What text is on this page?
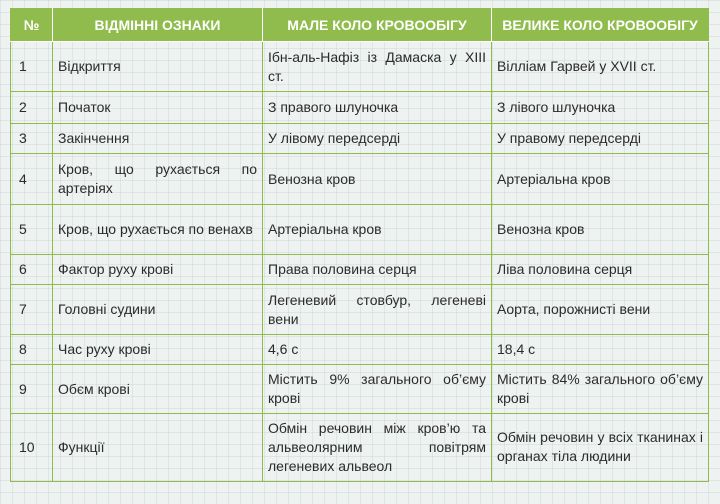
№	ВІДМІННІ ОЗНАКИ	МАЛЕ КОЛО КРОВООБІГУ	ВЕЛИКЕ КОЛО КРОВООБІГУ
1	Відкриття	Ібн-аль-Нафіз із Дамаска у XIII ст.	Вілліам Гарвей у XVII ст.
2	Початок	З правого шлуночка	З лівого шлуночка
3	Закінчення	У лівому передсерді	У правому передсерді
4	Кров, що рухається по артеріях	Венозна кров	Артеріальна кров
5	Кров, що рухається по венахв	Артеріальна кров	Венозна кров
6	Фактор руху крові	Права половина серця	Ліва половина серця
7	Головні судини	Легеневий стовбур, легеневі вени	Аорта, порожнисті вени
8	Час руху крові	4,6 с	18,4 с
9	Обєм крові	Містить 9% загального об’єму крові	Містить 84% загального об’єму крові
10	Функції	Обмін речовин між кров’ю та альвеолярним повітрям легеневих альвеол	Обмін речовин у всіх тканинах і органах тіла людини
